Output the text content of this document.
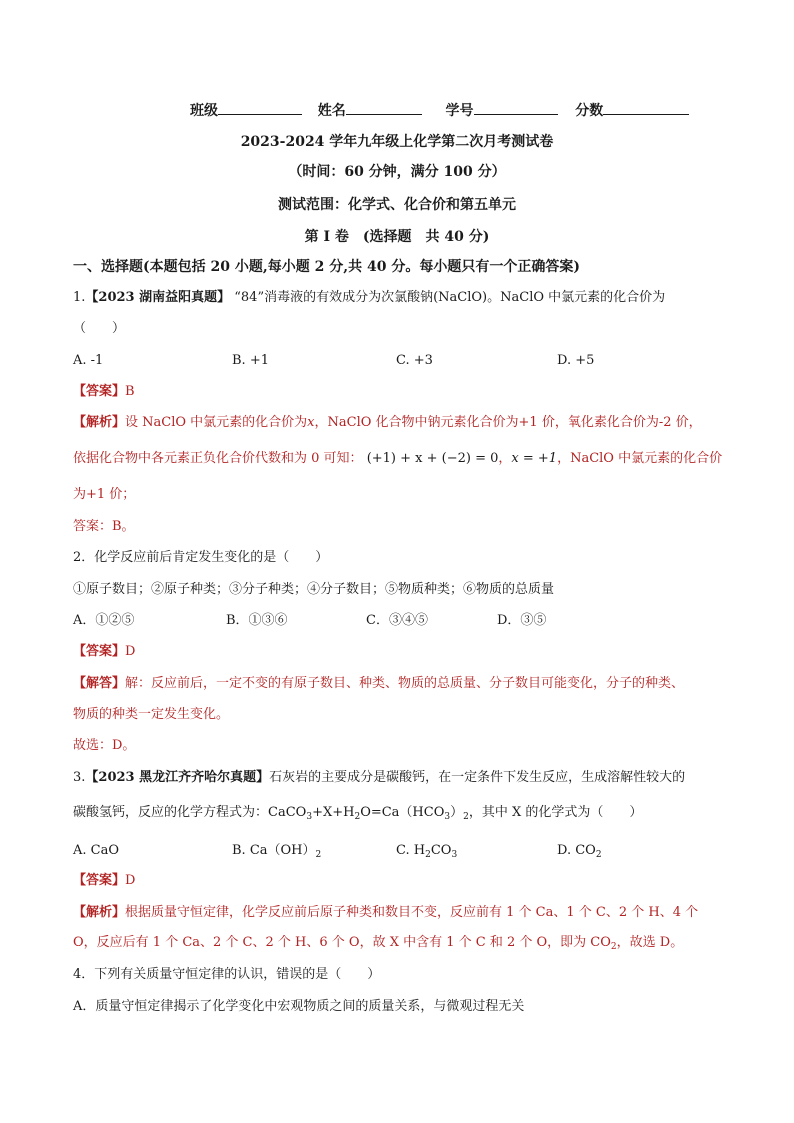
班级	姓名	学号	分数
2023-2024 学年九年级上化学第二次月考测试卷
（时间：60 分钟，满分 100 分）
测试范围：化学式、化合价和第五单元
第 I 卷　(选择题　共 40 分)
一、选择题(本题包括 20 小题,每小题 2 分,共 40 分。每小题只有一个正确答案)
1.【2023 湖南益阳真题】 “84”消毒液的有效成分为次氯酸钠(NaClO)。NaClO 中氯元素的化合价为
（　　）
A. -1	B. +1	C. +3	D. +5
【答案】B
【解析】设 NaClO 中氯元素的化合价为x，NaClO 化合物中钠元素化合价为+1 价，氧化素化合价为-2 价，
依据化合物中各元素正负化合价代数和为 0 可知： (+1) + x + (−2) = 0，x = +1，NaClO 中氯元素的化合价
为+1 价；
答案：B。
2．化学反应前后肯定发生变化的是（　　）
①原子数目；②原子种类；③分子种类；④分子数目；⑤物质种类；⑥物质的总质量
A．①②⑤	B．①③⑥	C．③④⑤	D．③⑤
【答案】D
【解答】解：反应前后，一定不变的有原子数目、种类、物质的总质量、分子数目可能变化，分子的种类、
物质的种类一定发生变化。
故选：D。
3.【2023 黑龙江齐齐哈尔真题】石灰岩的主要成分是碳酸钙，在一定条件下发生反应，生成溶解性较大的
碳酸氢钙，反应的化学方程式为：$CaCO_3+X+H_2O=Ca(HCO_3)_2$，其中 X 的化学式为（　　）
A. CaO	B. $Ca(OH)_2$	C. $H_2CO_3$	D. $CO_2$
【答案】D
【解析】根据质量守恒定律，化学反应前后原子种类和数目不变，反应前有 1 个 Ca、1 个 C、2 个 H、4 个
O，反应后有 1 个 Ca、2 个 C、2 个 H、6 个 O，故 X 中含有 1 个 C 和 2 个 O，即为 $CO_2$，故选 D。
4．下列有关质量守恒定律的认识，错误的是（　　）
A．质量守恒定律揭示了化学变化中宏观物质之间的质量关系，与微观过程无关
